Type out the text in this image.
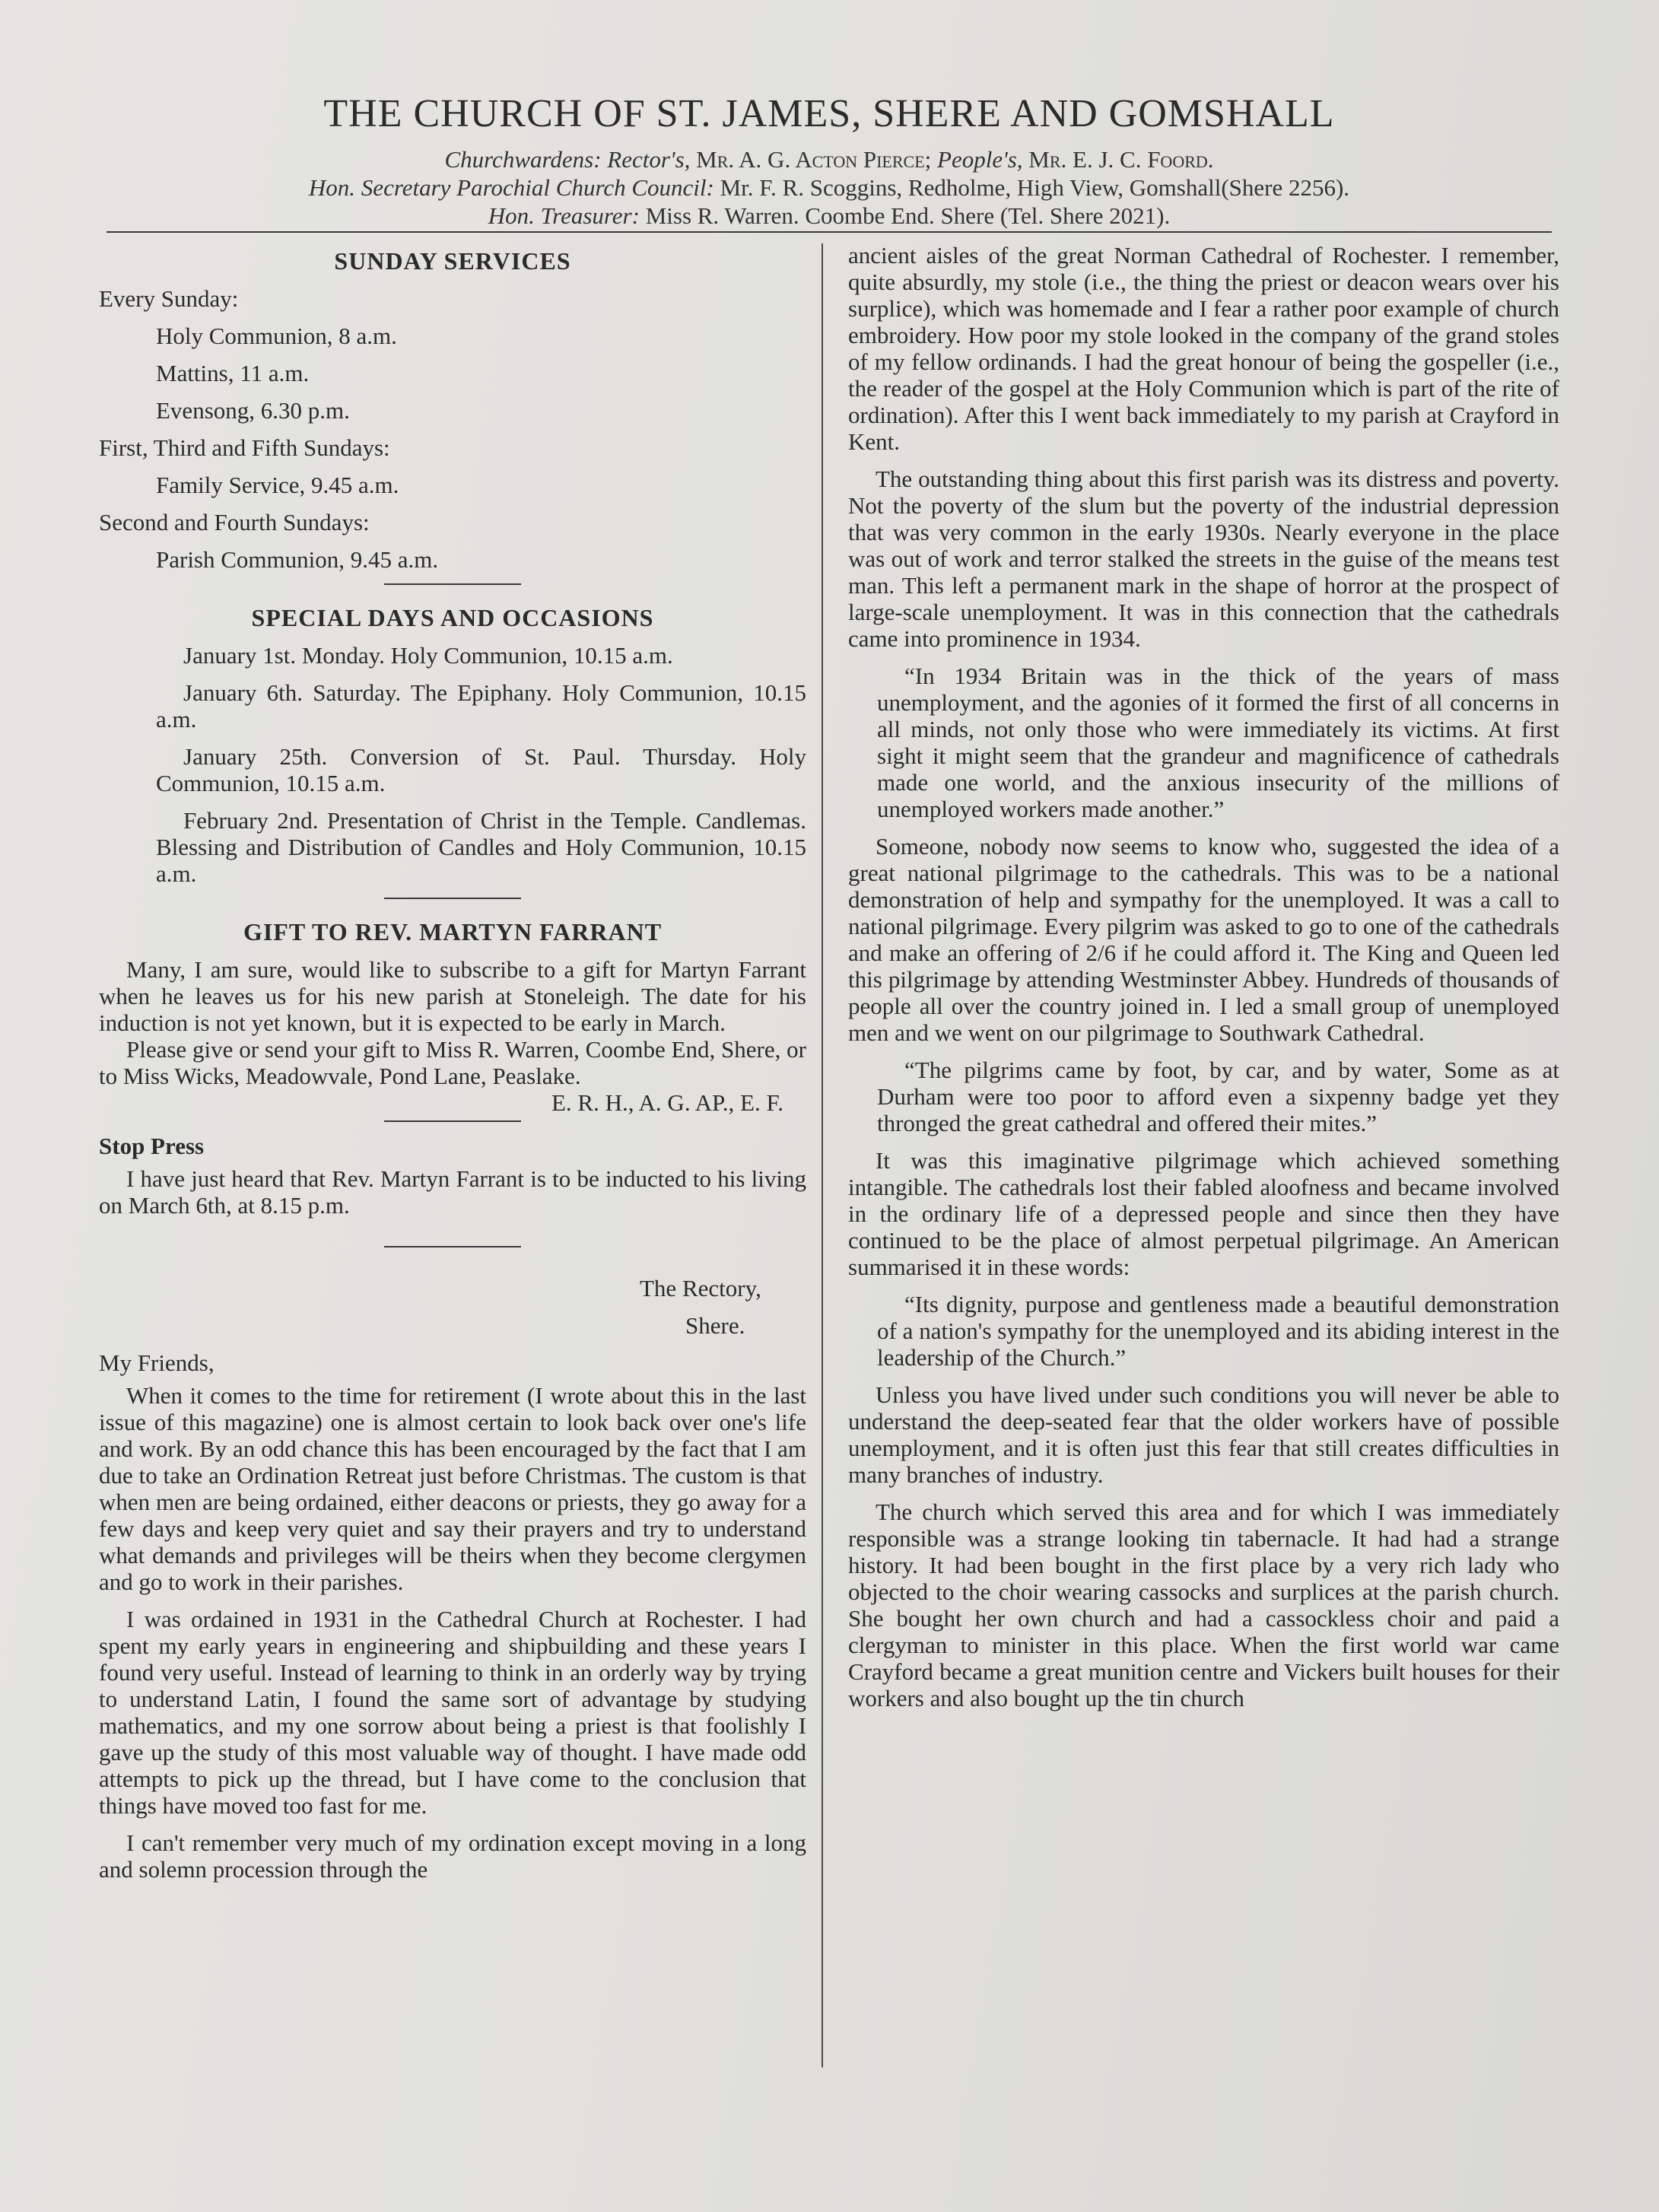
THE CHURCH OF ST. JAMES, SHERE AND GOMSHALL
Churchwardens: Rector's, Mr. A. G. Acton Pierce; People's, Mr. E. J. C. Foord.
Hon. Secretary Parochial Church Council: Mr. F. R. Scoggins, Redholme, High View, Gomshall(Shere 2256).
Hon. Treasurer: Miss R. Warren. Coombe End. Shere (Tel. Shere 2021).
SUNDAY SERVICES

Every Sunday:

Holy Communion, 8 a.m.

Mattins, 11 a.m.

Evensong, 6.30 p.m.

First, Third and Fifth Sundays:

Family Service, 9.45 a.m.

Second and Fourth Sundays:

Parish Communion, 9.45 a.m.

SPECIAL DAYS AND OCCASIONS

January 1st. Monday. Holy Communion, 10.15 a.m.

January 6th. Saturday. The Epiphany. Holy Communion, 10.15 a.m.

January 25th. Conversion of St. Paul. Thursday. Holy Communion, 10.15 a.m.

February 2nd. Presentation of Christ in the Temple. Candlemas. Blessing and Distribution of Candles and Holy Communion, 10.15 a.m.

GIFT TO REV. MARTYN FARRANT

Many, I am sure, would like to subscribe to a gift for Martyn Farrant when he leaves us for his new parish at Stoneleigh. The date for his induction is not yet known, but it is expected to be early in March.

Please give or send your gift to Miss R. Warren, Coombe End, Shere, or to Miss Wicks, Meadowvale, Pond Lane, Peaslake.

E. R. H., A. G. AP., E. F.

Stop Press

I have just heard that Rev. Martyn Farrant is to be inducted to his living on March 6th, at 8.15 p.m.

The Rectory,

Shere.

My Friends,

When it comes to the time for retirement (I wrote about this in the last issue of this magazine) one is almost certain to look back over one's life and work. By an odd chance this has been encouraged by the fact that I am due to take an Ordination Retreat just before Christmas. The custom is that when men are being ordained, either deacons or priests, they go away for a few days and keep very quiet and say their prayers and try to understand what demands and privileges will be theirs when they become clergymen and go to work in their parishes.

I was ordained in 1931 in the Cathedral Church at Rochester. I had spent my early years in engineering and shipbuilding and these years I found very useful. Instead of learning to think in an orderly way by trying to understand Latin, I found the same sort of advantage by studying mathematics, and my one sorrow about being a priest is that foolishly I gave up the study of this most valuable way of thought. I have made odd attempts to pick up the thread, but I have come to the conclusion that things have moved too fast for me.

I can't remember very much of my ordination except moving in a long and solemn procession through the

ancient aisles of the great Norman Cathedral of Rochester. I remember, quite absurdly, my stole (i.e., the thing the priest or deacon wears over his surplice), which was homemade and I fear a rather poor example of church embroidery. How poor my stole looked in the company of the grand stoles of my fellow ordinands. I had the great honour of being the gospeller (i.e., the reader of the gospel at the Holy Communion which is part of the rite of ordination). After this I went back immediately to my parish at Crayford in Kent.

The outstanding thing about this first parish was its distress and poverty. Not the poverty of the slum but the poverty of the industrial depression that was very common in the early 1930s. Nearly everyone in the place was out of work and terror stalked the streets in the guise of the means test man. This left a permanent mark in the shape of horror at the prospect of large-scale unemployment. It was in this connection that the cathedrals came into prominence in 1934.

“In 1934 Britain was in the thick of the years of mass unemployment, and the agonies of it formed the first of all concerns in all minds, not only those who were immediately its victims. At first sight it might seem that the grandeur and magnificence of cathedrals made one world, and the anxious insecurity of the millions of unemployed workers made another.”

Someone, nobody now seems to know who, suggested the idea of a great national pilgrimage to the cathedrals. This was to be a national demonstration of help and sympathy for the unemployed. It was a call to national pilgrimage. Every pilgrim was asked to go to one of the cathedrals and make an offering of 2/6 if he could afford it. The King and Queen led this pilgrimage by attending Westminster Abbey. Hundreds of thousands of people all over the country joined in. I led a small group of unemployed men and we went on our pilgrimage to Southwark Cathedral.

“The pilgrims came by foot, by car, and by water, Some as at Durham were too poor to afford even a sixpenny badge yet they thronged the great cathedral and offered their mites.”

It was this imaginative pilgrimage which achieved something intangible. The cathedrals lost their fabled aloofness and became involved in the ordinary life of a depressed people and since then they have continued to be the place of almost perpetual pilgrimage. An American summarised it in these words:

“Its dignity, purpose and gentleness made a beautiful demonstration of a nation's sympathy for the unemployed and its abiding interest in the leadership of the Church.”

Unless you have lived under such conditions you will never be able to understand the deep-seated fear that the older workers have of possible unemployment, and it is often just this fear that still creates difficulties in many branches of industry.

The church which served this area and for which I was immediately responsible was a strange looking tin tabernacle. It had had a strange history. It had been bought in the first place by a very rich lady who objected to the choir wearing cassocks and surplices at the parish church. She bought her own church and had a cassockless choir and paid a clergyman to minister in this place. When the first world war came Crayford became a great munition centre and Vickers built houses for their workers and also bought up the tin church
